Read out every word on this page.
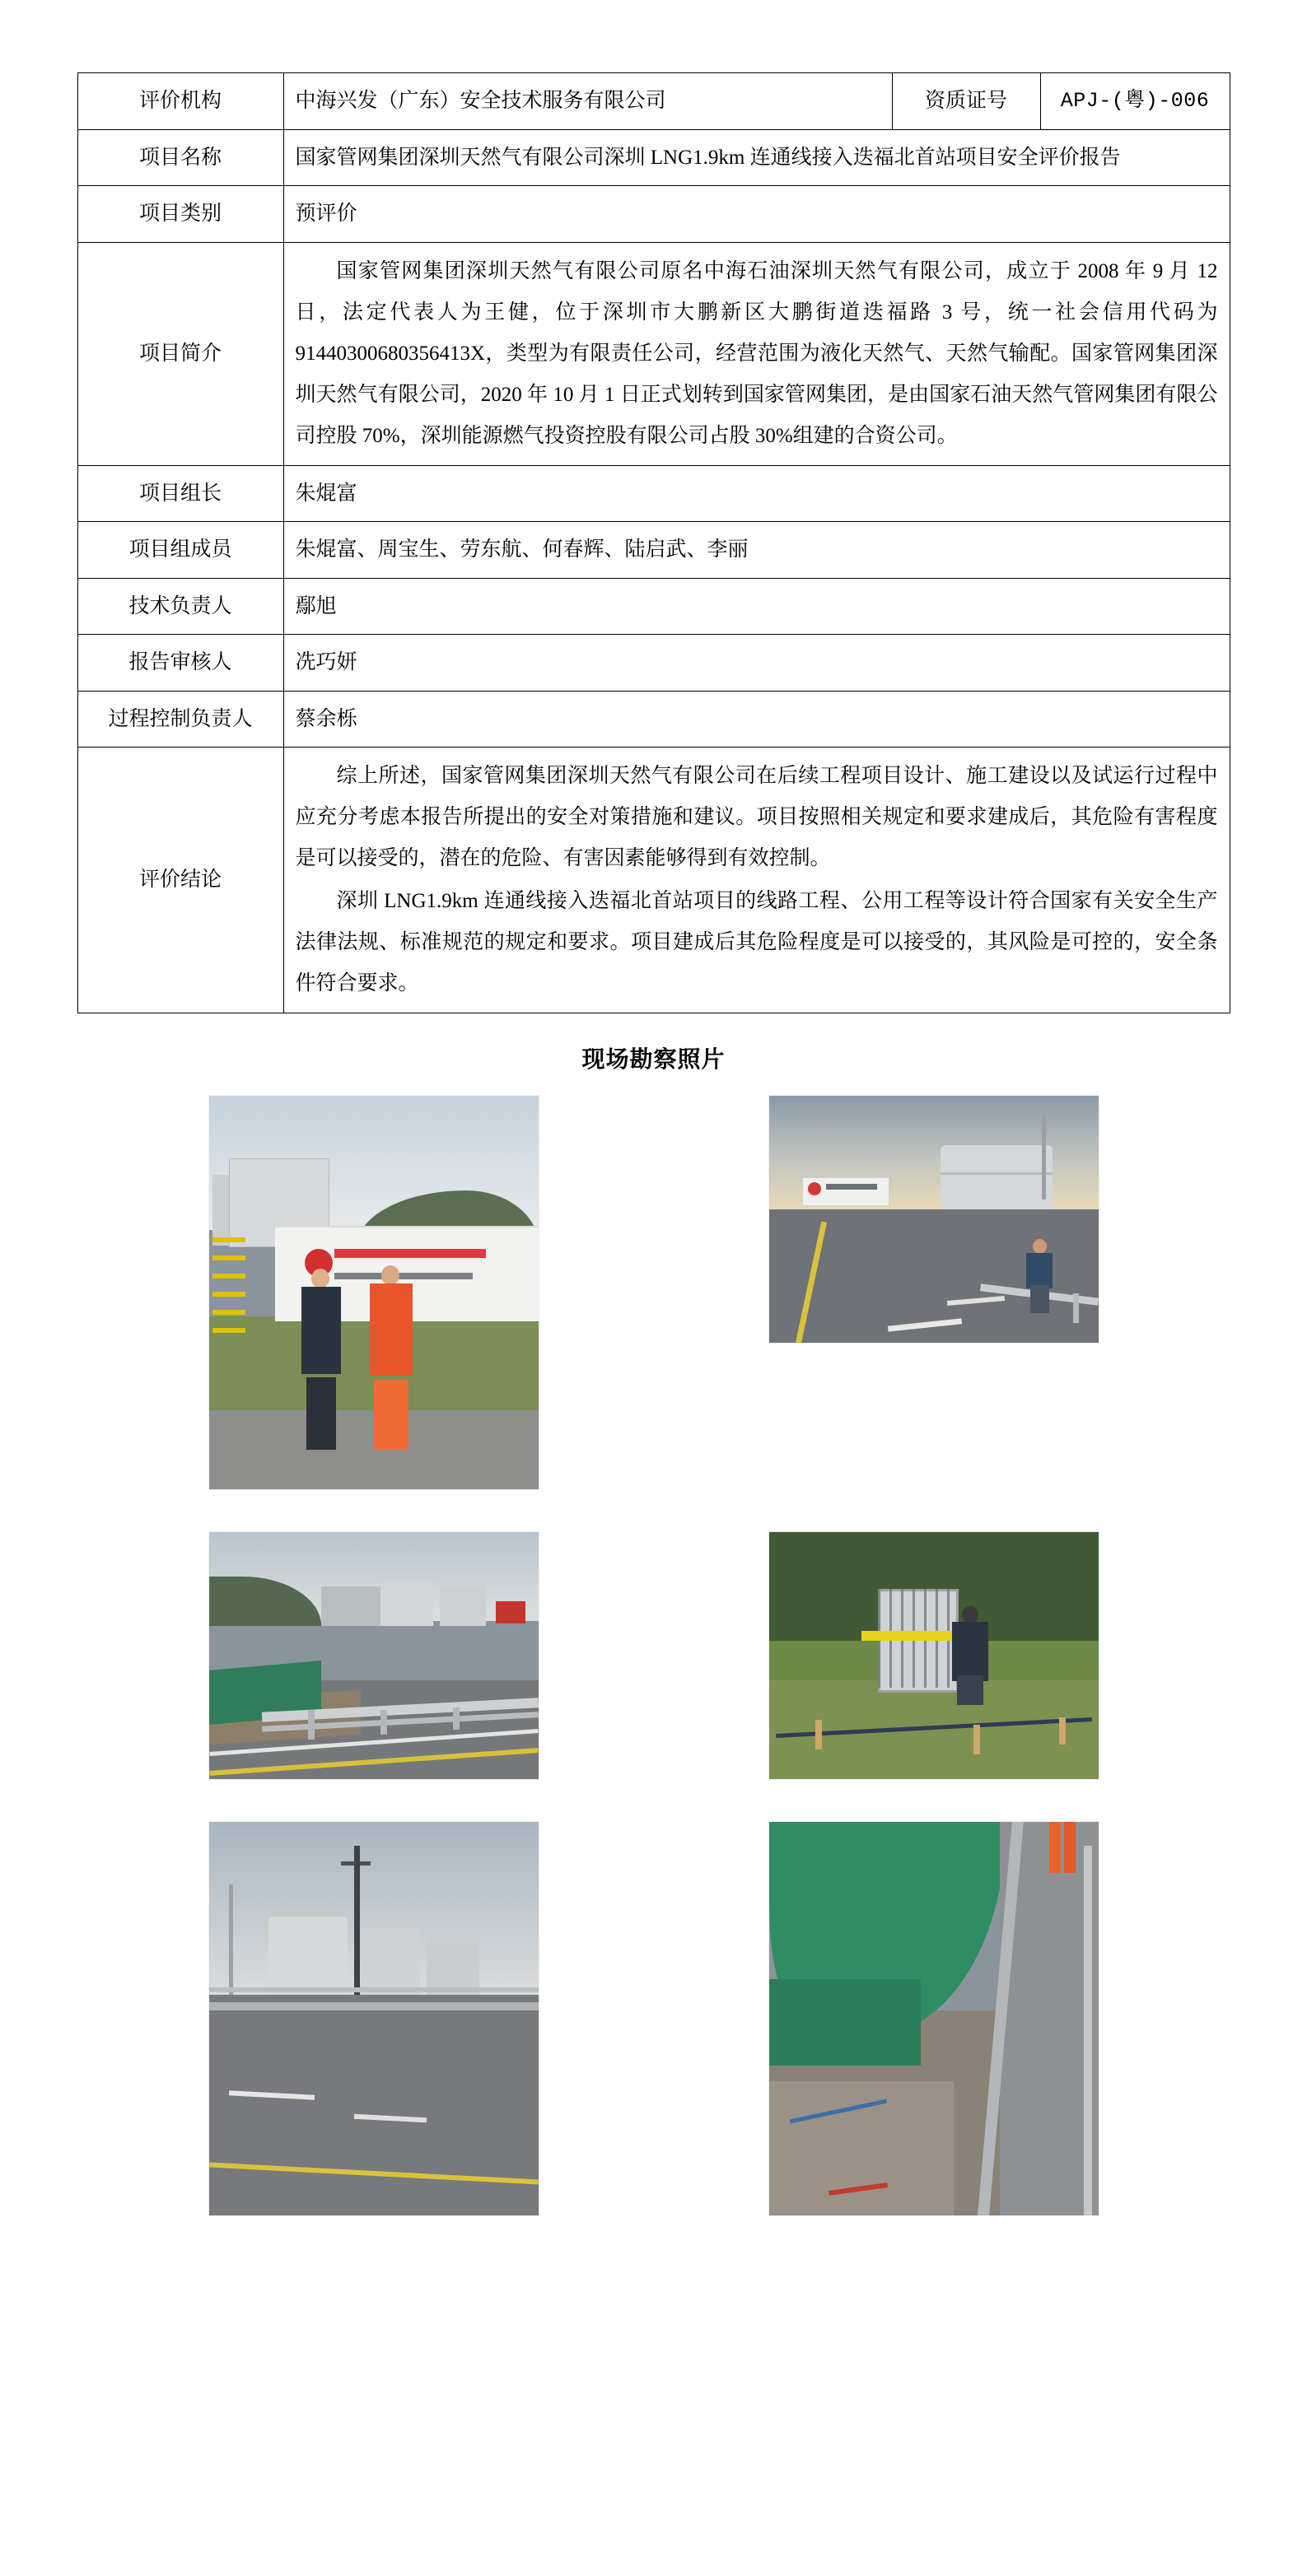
评价机构	中海兴发（广东）安全技术服务有限公司	资质证号	APJ-(粤)-006
项目名称	国家管网集团深圳天然气有限公司深圳 LNG1.9km 连通线接入迭福北首站项目安全评价报告		
项目类别	预评价		
项目简介	国家管网集团深圳天然气有限公司原名中海石油深圳天然气有限公司，成立于 2008 年 9 月 12 日，法定代表人为王健，位于深圳市大鹏新区大鹏街道迭福路 3 号，统一社会信用代码为 91440300680356413X，类型为有限责任公司，经营范围为液化天然气、天然气输配。国家管网集团深圳天然气有限公司，2020 年 10 月 1 日正式划转到国家管网集团，是由国家石油天然气管网集团有限公司控股 70%，深圳能源燃气投资控股有限公司占股 30%组建的合资公司。		

项目组长	朱焜富		
项目组成员	朱焜富、周宝生、劳东航、何春辉、陆启武、李丽		
技术负责人	鄢旭		
报告审核人	冼巧妍		
过程控制负责人	蔡余栎		
评价结论	综上所述，国家管网集团深圳天然气有限公司在后续工程项目设计、施工建设以及试运行过程中应充分考虑本报告所提出的安全对策措施和建议。项目按照相关规定和要求建成后，其危险有害程度是可以接受的，潜在的危险、有害因素能够得到有效控制。

深圳 LNG1.9km 连通线接入迭福北首站项目的线路工程、公用工程等设计符合国家有关安全生产法律法规、标准规范的规定和要求。项目建成后其危险程度是可以接受的，其风险是可控的，安全条件符合要求。		

现场勘察照片
